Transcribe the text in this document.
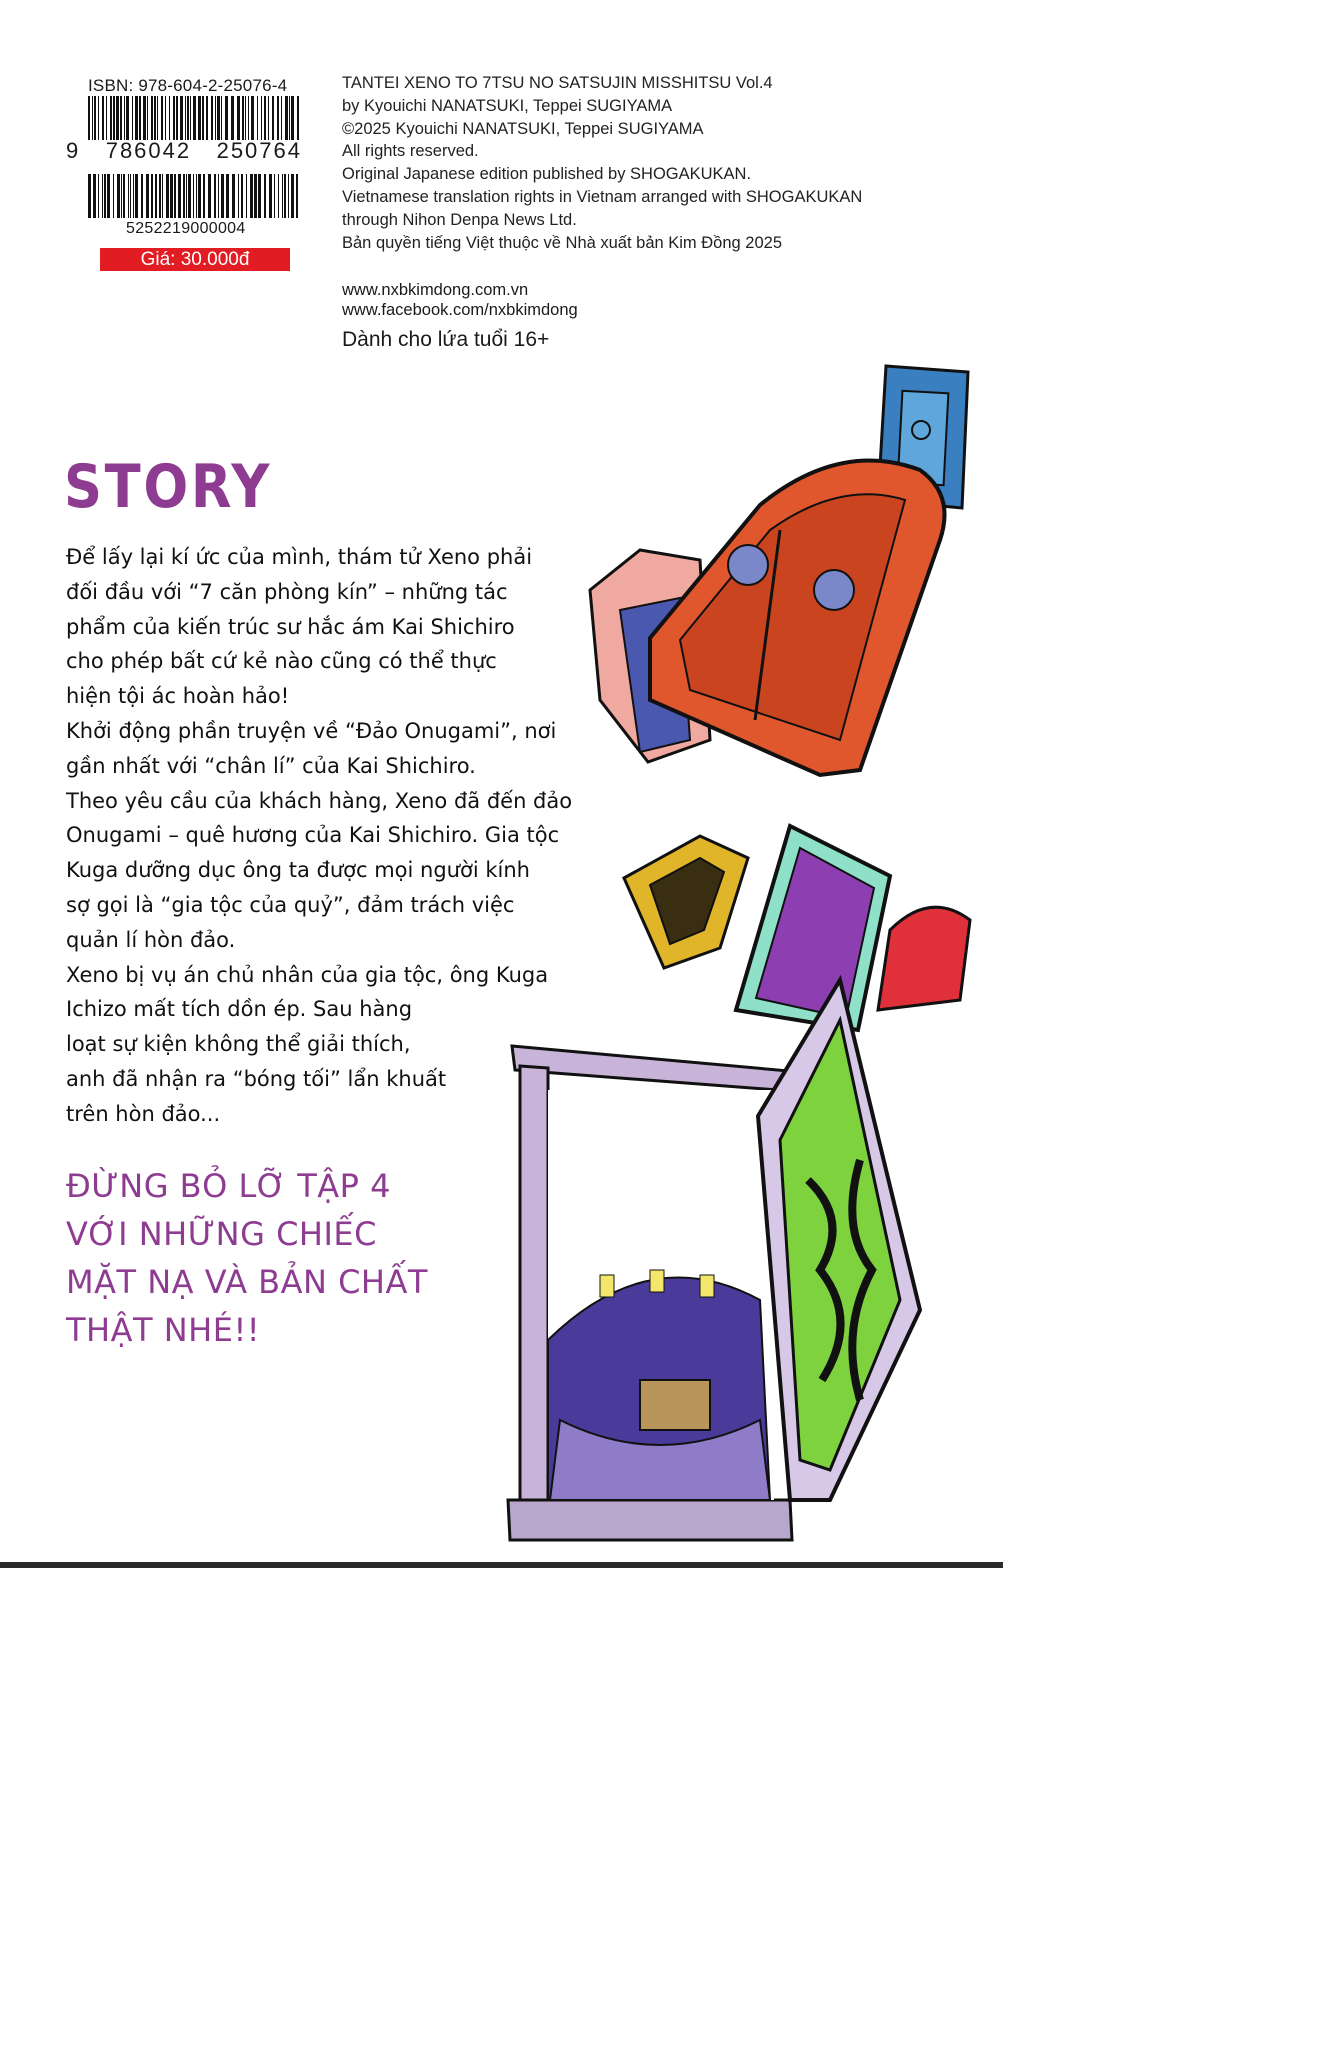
ISBN: 978-604-2-25076-4
9 786042 250764
5252219000004
Giá: 30.000đ
TANTEI XENO TO 7TSU NO SATSUJIN MISSHITSU Vol.4
by Kyouichi NANATSUKI, Teppei SUGIYAMA
©2025 Kyouichi NANATSUKI, Teppei SUGIYAMA
All rights reserved.
Original Japanese edition published by SHOGAKUKAN.
Vietnamese translation rights in Vietnam arranged with SHOGAKUKAN
through Nihon Denpa News Ltd.
Bản quyền tiếng Việt thuộc về Nhà xuất bản Kim Đồng 2025
www.nxbkimdong.com.vn
www.facebook.com/nxbkimdong
Dành cho lứa tuổi 16+
STORY
Để lấy lại kí ức của mình, thám tử Xeno phải
đối đầu với “7 căn phòng kín” – những tác
phẩm của kiến trúc sư hắc ám Kai Shichiro
cho phép bất cứ kẻ nào cũng có thể thực
hiện tội ác hoàn hảo!
Khởi động phần truyện về “Đảo Onugami”, nơi
gần nhất với “chân lí” của Kai Shichiro.
Theo yêu cầu của khách hàng, Xeno đã đến đảo
Onugami – quê hương của Kai Shichiro. Gia tộc
Kuga dưỡng dục ông ta được mọi người kính
sợ gọi là “gia tộc của quỷ”, đảm trách việc
quản lí hòn đảo.
Xeno bị vụ án chủ nhân của gia tộc, ông Kuga
Ichizo mất tích dồn ép. Sau hàng
loạt sự kiện không thể giải thích,
anh đã nhận ra “bóng tối” lẩn khuất
trên hòn đảo...
ĐỪNG BỎ LỠ TẬP 4
VỚI NHỮNG CHIẾC
MẶT NẠ VÀ BẢN CHẤT
THẬT NHÉ!!
